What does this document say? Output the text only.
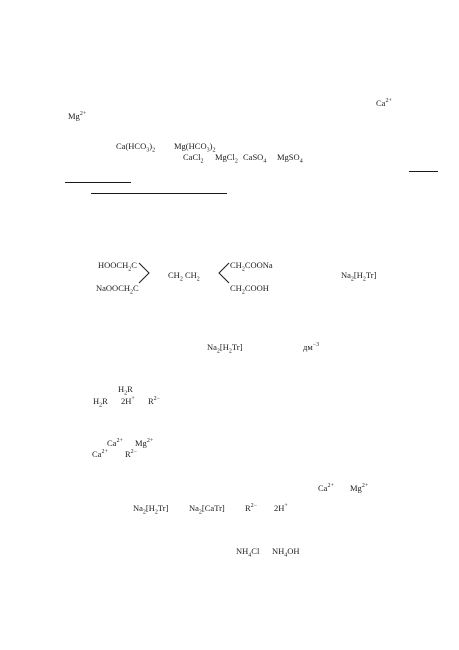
$Ca^{2+}$
$Mg^{2+}$
$Ca(HCO_3)_2$ $Mg(HCO_3)_2$
CaCl$_2$ MgCl$_2$ CaSO$_4$ MgSO$_4$
$HOOCH_2C$
NaOOCH$_2$C
$CH_2$ $CH_2$
$CH_2COONa$
$CH_2COOH$
$Na_2[H_2Tr]$
$Na_2[H_2Tr]$	$дм^{-3}$
$H_2R$
$H_2R$ 2H+ $R^{2-}$
$Ca^{2+}$ $Mg^{2+}$
$Ca^{2+}$ $R^{2-}$
$Ca^{2+}$ $Mg^{2+}$
$Na_2[H_2Tr]$ $Na_2[CaTr]$ $R^{2-}$ 2H+
$NH_4Cl$ $NH_4OH$
